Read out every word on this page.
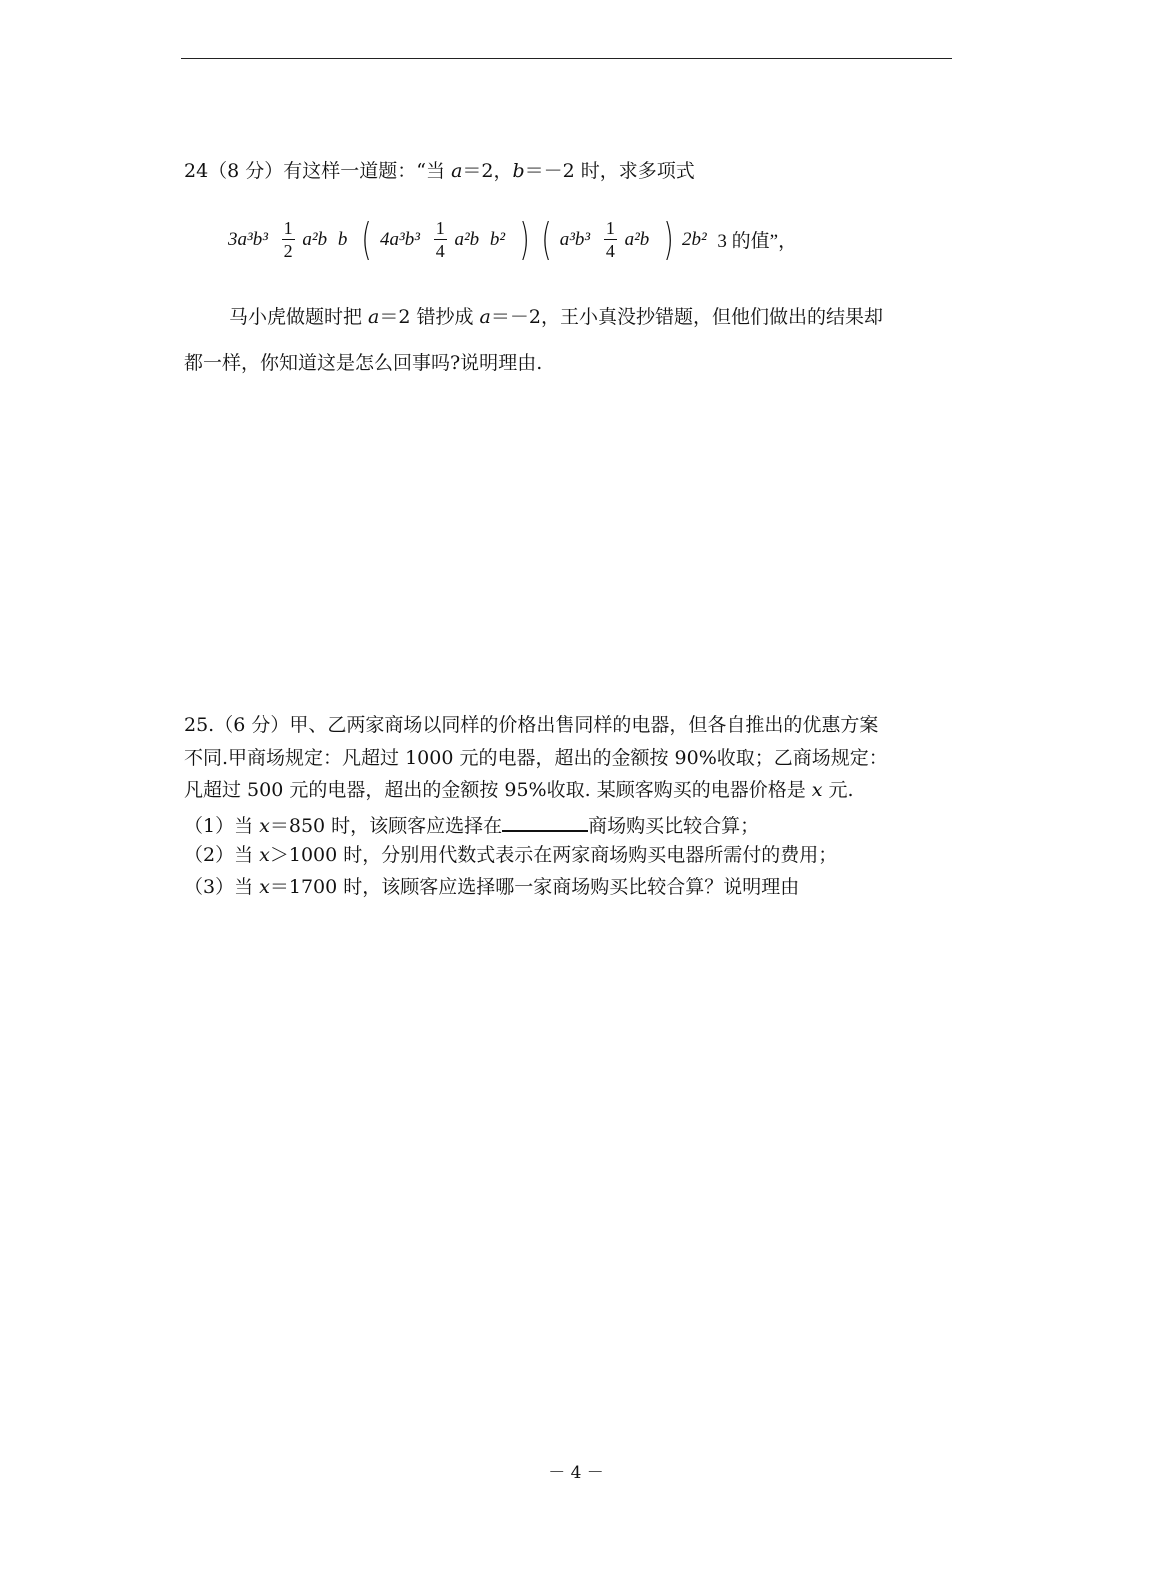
24（8 分）有这样一道题：“当 a＝2，b＝－2 时，求多项式
$3a^3b^3 \frac{1}{2} a^2b$ b ( $4a^3b^3 \frac{1}{4} a^2b$ b² ) ( $a^3b^3 \frac{1}{4} a^2b$ ) 2b² 3 的值”，
马小虎做题时把 a＝2 错抄成 a＝－2，王小真没抄错题，但他们做出的结果却
都一样，你知道这是怎么回事吗?说明理由.
25.（6 分）甲、乙两家商场以同样的价格出售同样的电器，但各自推出的优惠方案
不同.甲商场规定：凡超过 1000 元的电器，超出的金额按 90%收取；乙商场规定：
凡超过 500 元的电器，超出的金额按 95%收取. 某顾客购买的电器价格是 x 元.
（1）当 x＝850 时，该顾客应选择在	商场购买比较合算；
（2）当 x＞1000 时，分别用代数式表示在两家商场购买电器所需付的费用；
（3）当 x＝1700 时，该顾客应选择哪一家商场购买比较合算？说明理由
－ 4 －
